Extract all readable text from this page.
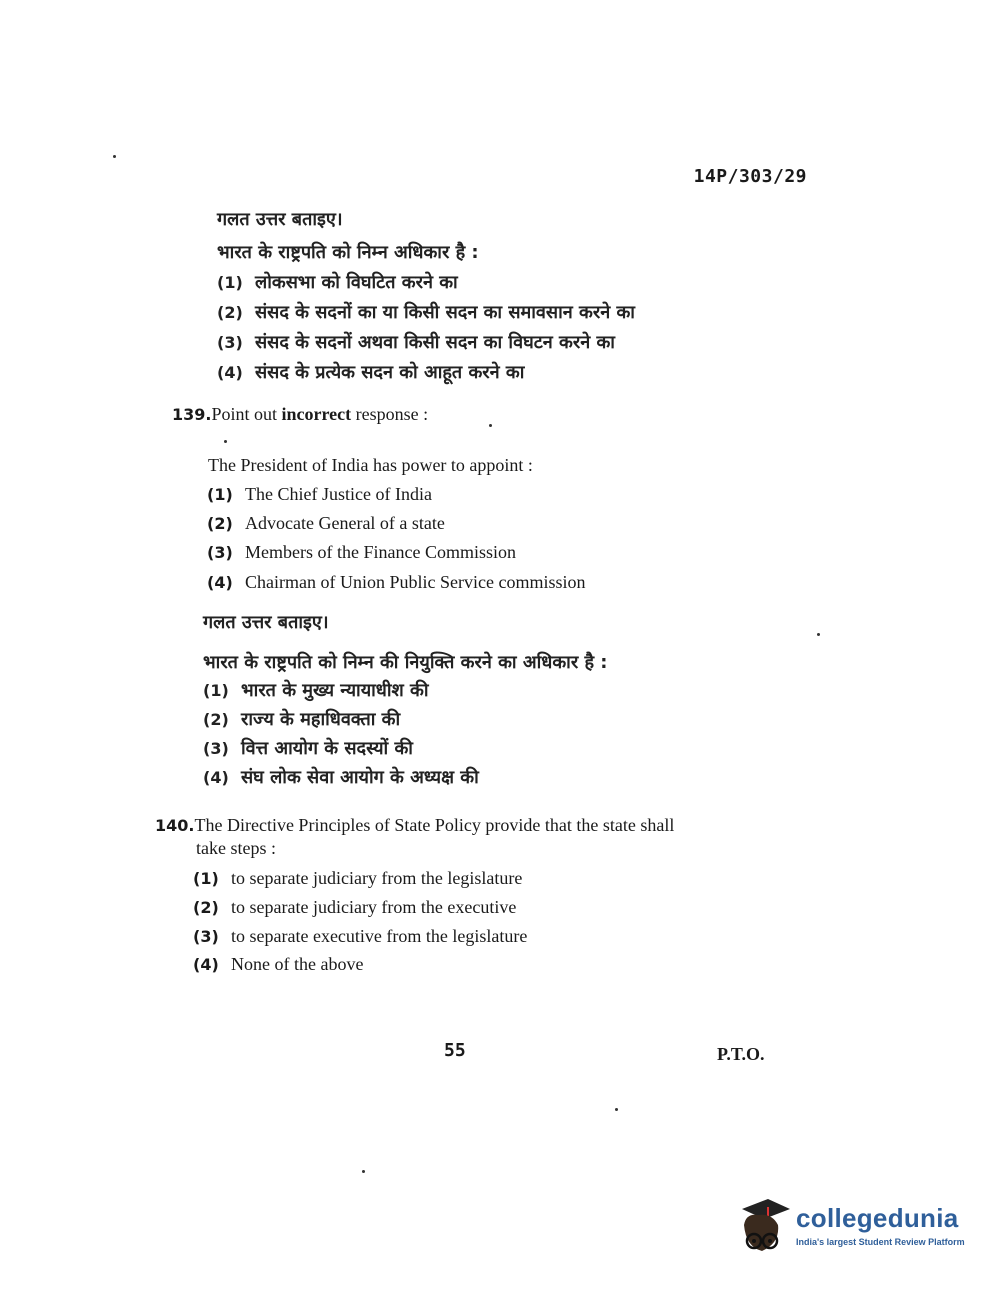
14P/303/29
गलत उत्तर बताइए।
भारत के राष्ट्रपति को निम्न अधिकार है :
(1) लोकसभा को विघटित करने का
(2) संसद के सदनों का या किसी सदन का समावसान करने का
(3) संसद के सदनों अथवा किसी सदन का विघटन करने का
(4) संसद के प्रत्येक सदन को आहूत करने का
139.Point out incorrect response :
The President of India has power to appoint :
(1) The Chief Justice of India
(2) Advocate General of a state
(3) Members of the Finance Commission
(4) Chairman of Union Public Service commission
गलत उत्तर बताइए।
भारत के राष्ट्रपति को निम्न की नियुक्ति करने का अधिकार है :
(1) भारत के मुख्य न्यायाधीश की
(2) राज्य के महाधिवक्ता की
(3) वित्त आयोग के सदस्यों की
(4) संघ लोक सेवा आयोग के अध्यक्ष की
140.The Directive Principles of State Policy provide that the state shall
take steps :
(1) to separate judiciary from the legislature
(2) to separate judiciary from the executive
(3) to separate executive from the legislature
(4) None of the above
55	P.T.O.
collegedunia
India's largest Student Review Platform
